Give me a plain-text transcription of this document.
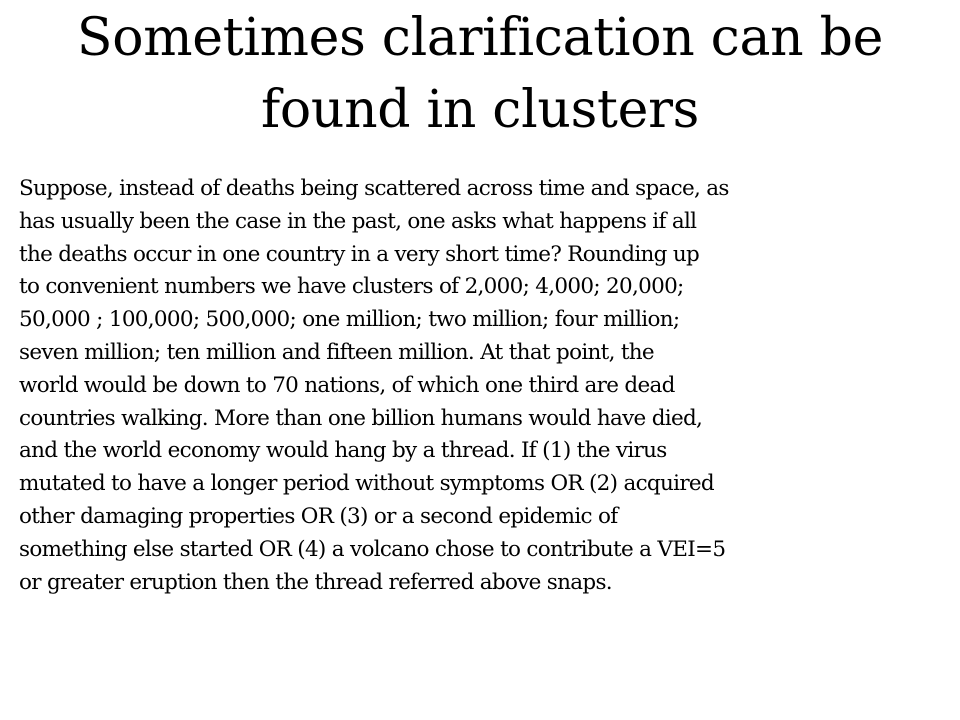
Sometimes clarification can be
found in clusters
Suppose, instead of deaths being scattered across time and space, as
has usually been the case in the past, one asks what happens if all
the deaths occur in one country in a very short time? Rounding up
to convenient numbers we have clusters of 2,000; 4,000; 20,000;
50,000 ; 100,000; 500,000; one million; two million; four million;
seven million; ten million and fifteen million. At that point, the
world would be down to 70 nations, of which one third are dead
countries walking. More than one billion humans would have died,
and the world economy would hang by a thread. If (1) the virus
mutated to have a longer period without symptoms OR (2) acquired
other damaging properties OR (3) or a second epidemic of
something else started OR (4) a volcano chose to contribute a VEI=5
or greater eruption then the thread referred above snaps.
